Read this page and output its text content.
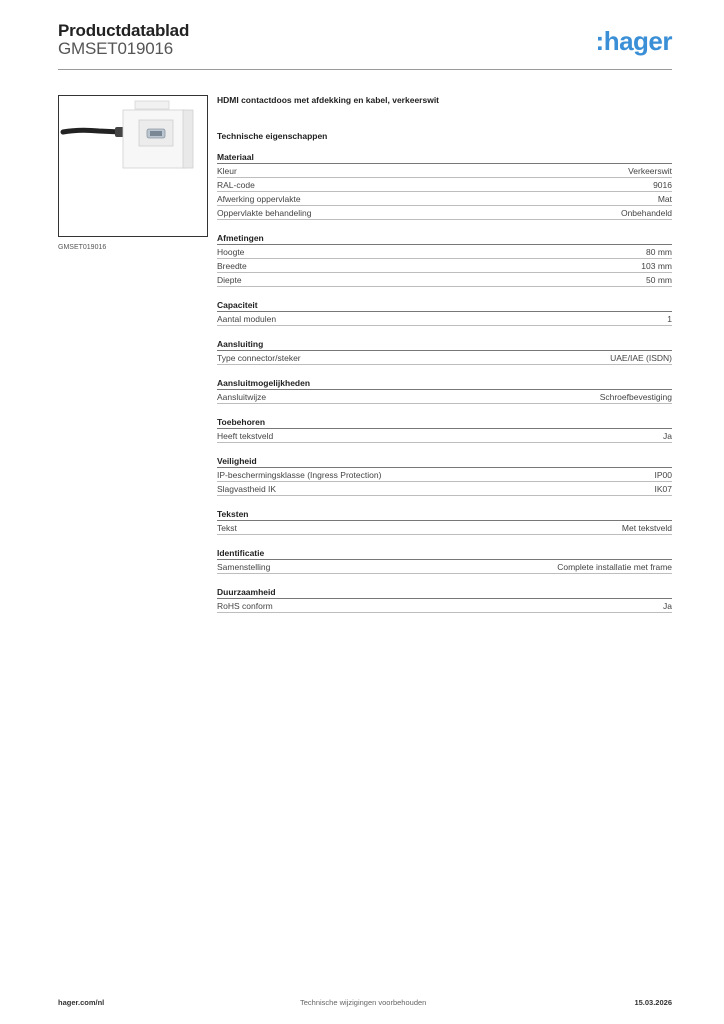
Productdatablad
GMSET019016	:hager
GMSET019016
HDMI contactdoos met afdekking en kabel, verkeerswit
Technische eigenschappen
Materiaal
Kleur	Verkeerswit
RAL-code	9016
Afwerking oppervlakte	Mat
Oppervlakte behandeling	Onbehandeld
Afmetingen
Hoogte	80 mm
Breedte	103 mm
Diepte	50 mm
Capaciteit
Aantal modulen	1
Aansluiting
Type connector/steker	UAE/IAE (ISDN)
Aansluitmogelijkheden
Aansluitwijze	Schroefbevestiging
Toebehoren
Heeft tekstveld	Ja
Veiligheid
IP-beschermingsklasse (Ingress Protection)	IP00
Slagvastheid IK	IK07
Teksten
Tekst	Met tekstveld
Identificatie
Samenstelling	Complete installatie met frame
Duurzaamheid
RoHS conform	Ja
hager.com/nl	Technische wijzigingen voorbehouden	15.03.2026
